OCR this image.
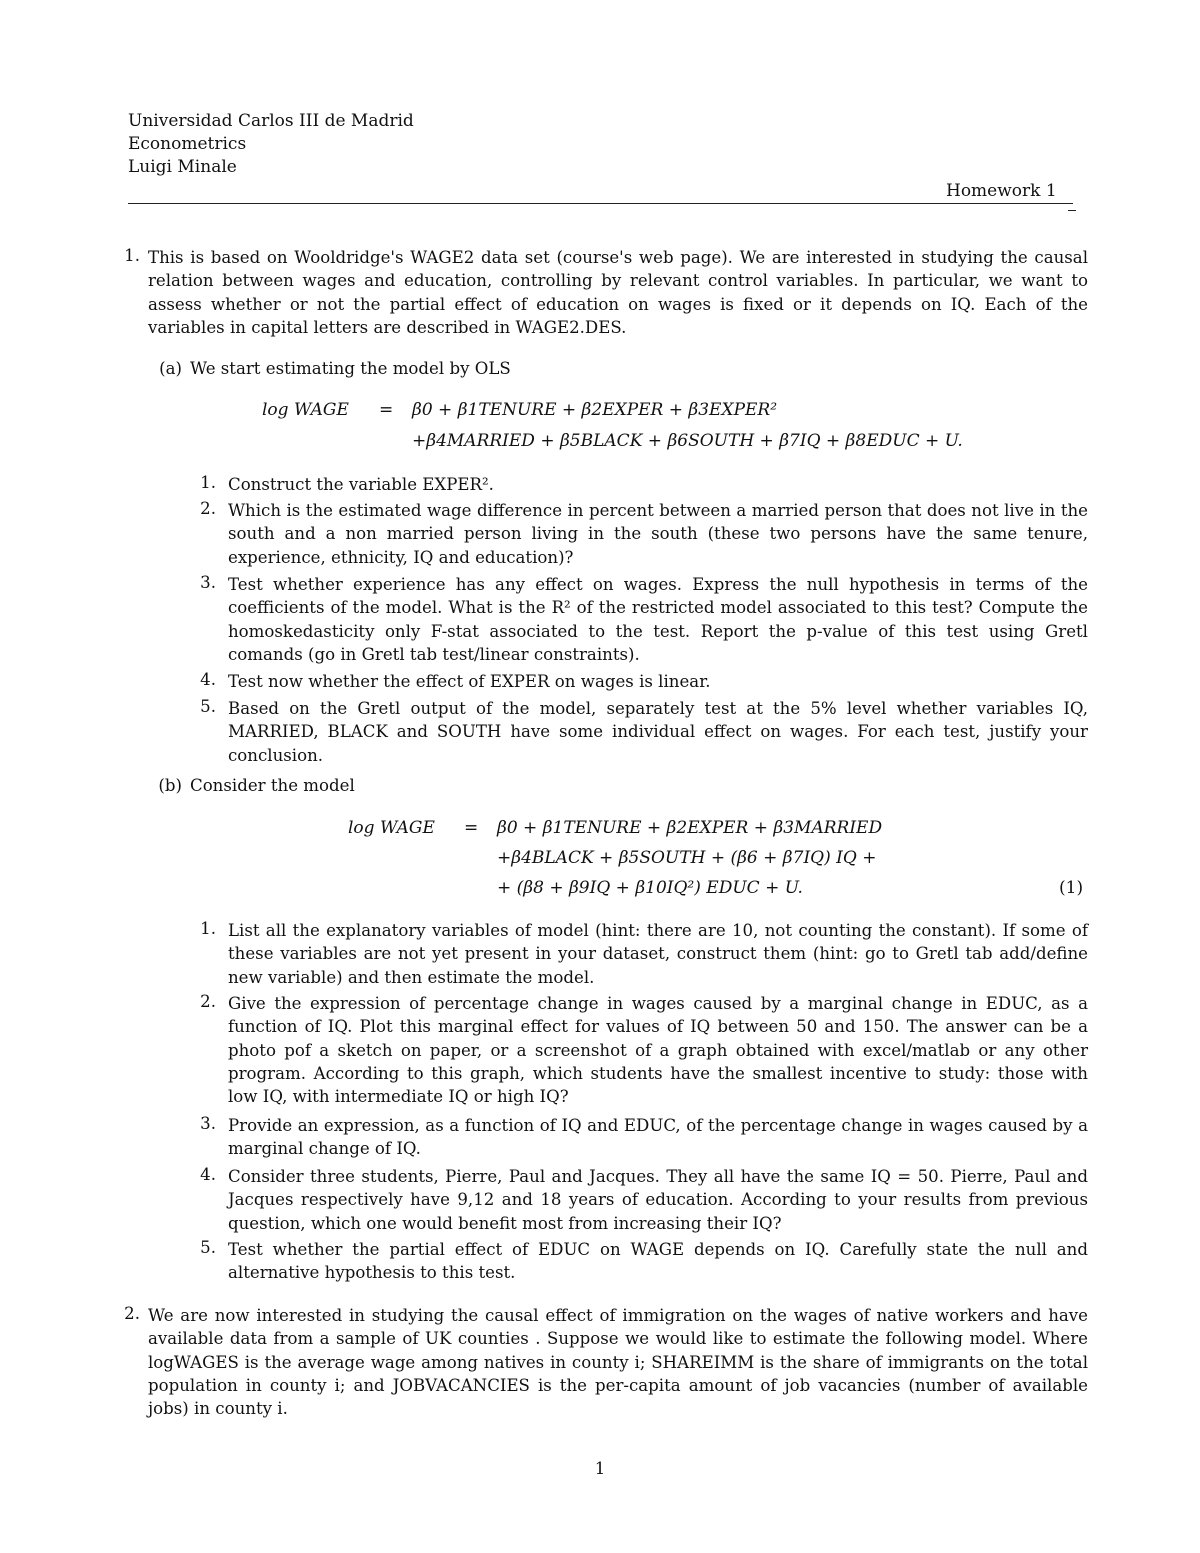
Universidad Carlos III de Madrid
Econometrics
Luigi Minale
Homework 1
1. This is based on Wooldridge's WAGE2 data set (course's web page). We are interested in studying the causal relation between wages and education, controlling by relevant control variables. In particular, we want to assess whether or not the partial effect of education on wages is fixed or it depends on IQ. Each of the variables in capital letters are described in WAGE2.DES.
(a) We start estimating the model by OLS
log WAGE = β0 + β1TENURE + β2EXPER + β3EXPER²
+β4MARRIED + β5BLACK + β6SOUTH + β7IQ + β8EDUC + U.
1. Construct the variable EXPER².
2. Which is the estimated wage difference in percent between a married person that does not live in the south and a non married person living in the south (these two persons have the same tenure, experience, ethnicity, IQ and education)?
3. Test whether experience has any effect on wages. Express the null hypothesis in terms of the coefficients of the model. What is the R² of the restricted model associated to this test? Compute the homoskedasticity only F-stat associated to the test. Report the p-value of this test using Gretl comands (go in Gretl tab test/linear constraints).
4. Test now whether the effect of EXPER on wages is linear.
5. Based on the Gretl output of the model, separately test at the 5% level whether variables IQ, MARRIED, BLACK and SOUTH have some individual effect on wages. For each test, justify your conclusion.
(b) Consider the model
log WAGE = β0 + β1TENURE + β2EXPER + β3MARRIED
+β4BLACK + β5SOUTH + (β6 + β7IQ) IQ +
+ (β8 + β9IQ + β10IQ²) EDUC + U.	(1)
1. List all the explanatory variables of model (hint: there are 10, not counting the constant). If some of these variables are not yet present in your dataset, construct them (hint: go to Gretl tab add/define new variable) and then estimate the model.
2. Give the expression of percentage change in wages caused by a marginal change in EDUC, as a function of IQ. Plot this marginal effect for values of IQ between 50 and 150. The answer can be a photo pof a sketch on paper, or a screenshot of a graph obtained with excel/matlab or any other program. According to this graph, which students have the smallest incentive to study: those with low IQ, with intermediate IQ or high IQ?
3. Provide an expression, as a function of IQ and EDUC, of the percentage change in wages caused by a marginal change of IQ.
4. Consider three students, Pierre, Paul and Jacques. They all have the same IQ = 50. Pierre, Paul and Jacques respectively have 9,12 and 18 years of education. According to your results from previous question, which one would benefit most from increasing their IQ?
5. Test whether the partial effect of EDUC on WAGE depends on IQ. Carefully state the null and alternative hypothesis to this test.
2. We are now interested in studying the causal effect of immigration on the wages of native workers and have available data from a sample of UK counties . Suppose we would like to estimate the following model. Where logWAGES is the average wage among natives in county i; SHAREIMM is the share of immigrants on the total population in county i; and JOBVACANCIES is the per-capita amount of job vacancies (number of available jobs) in county i.
1
